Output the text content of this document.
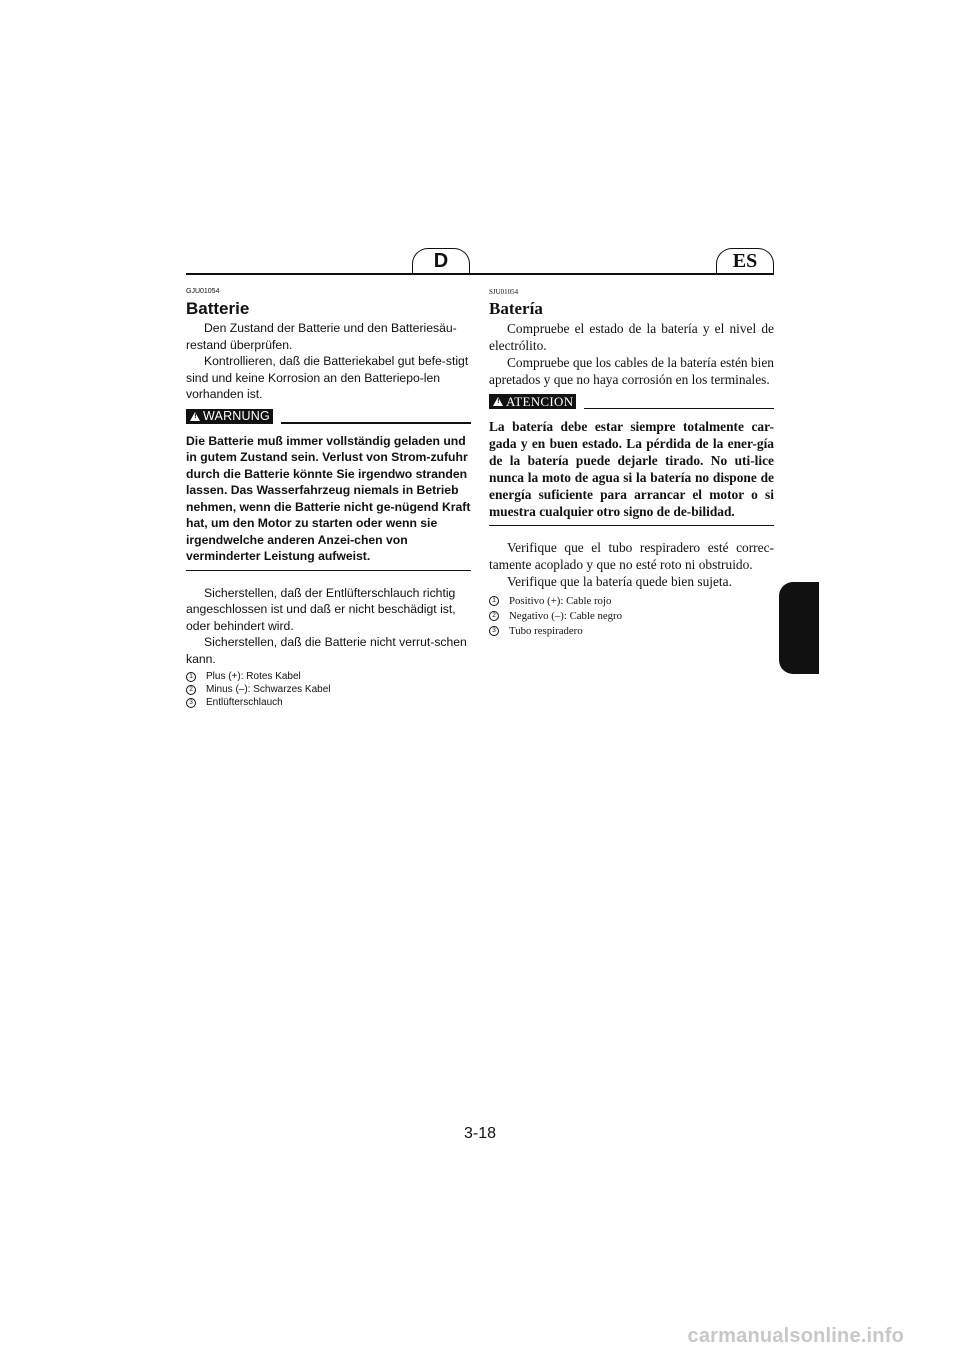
D	ES

GJU01054

Batterie

Den Zustand der Batterie und den Batteriesäu-restand überprüfen.

Kontrollieren, daß die Batteriekabel gut befe-stigt sind und keine Korrosion an den Batteriepo-len vorhanden ist.

! WARNUNG

Die Batterie muß immer vollständig geladen und in gutem Zustand sein. Verlust von Strom-zufuhr durch die Batterie könnte Sie irgendwo stranden lassen. Das Wasserfahrzeug niemals in Betrieb nehmen, wenn die Batterie nicht ge-nügend Kraft hat, um den Motor zu starten oder wenn sie irgendwelche anderen Anzei-chen von verminderter Leistung aufweist.

Sicherstellen, daß der Entlüfterschlauch richtig angeschlossen ist und daß er nicht beschädigt ist, oder behindert wird.

Sicherstellen, daß die Batterie nicht verrut-schen kann.

1	Plus (+): Rotes Kabel
2	Minus (–): Schwarzes Kabel
3	Entlüfterschlauch

SJU01054

Batería

Compruebe el estado de la batería y el nivel de electrólito.

Compruebe que los cables de la batería estén bien apretados y que no haya corrosión en los terminales.

! ATENCION

La batería debe estar siempre totalmente car-gada y en buen estado. La pérdida de la ener-gía de la batería puede dejarle tirado. No uti-lice nunca la moto de agua si la batería no dispone de energía suficiente para arrancar el motor o si muestra cualquier otro signo de de-bilidad.

Verifique que el tubo respiradero esté correc-tamente acoplado y que no esté roto ni obstruido.

Verifique que la batería quede bien sujeta.

1 Positivo (+): Cable rojo
2 Negativo (–): Cable negro
3 Tubo respiradero
3-18
carmanualsonline.info
